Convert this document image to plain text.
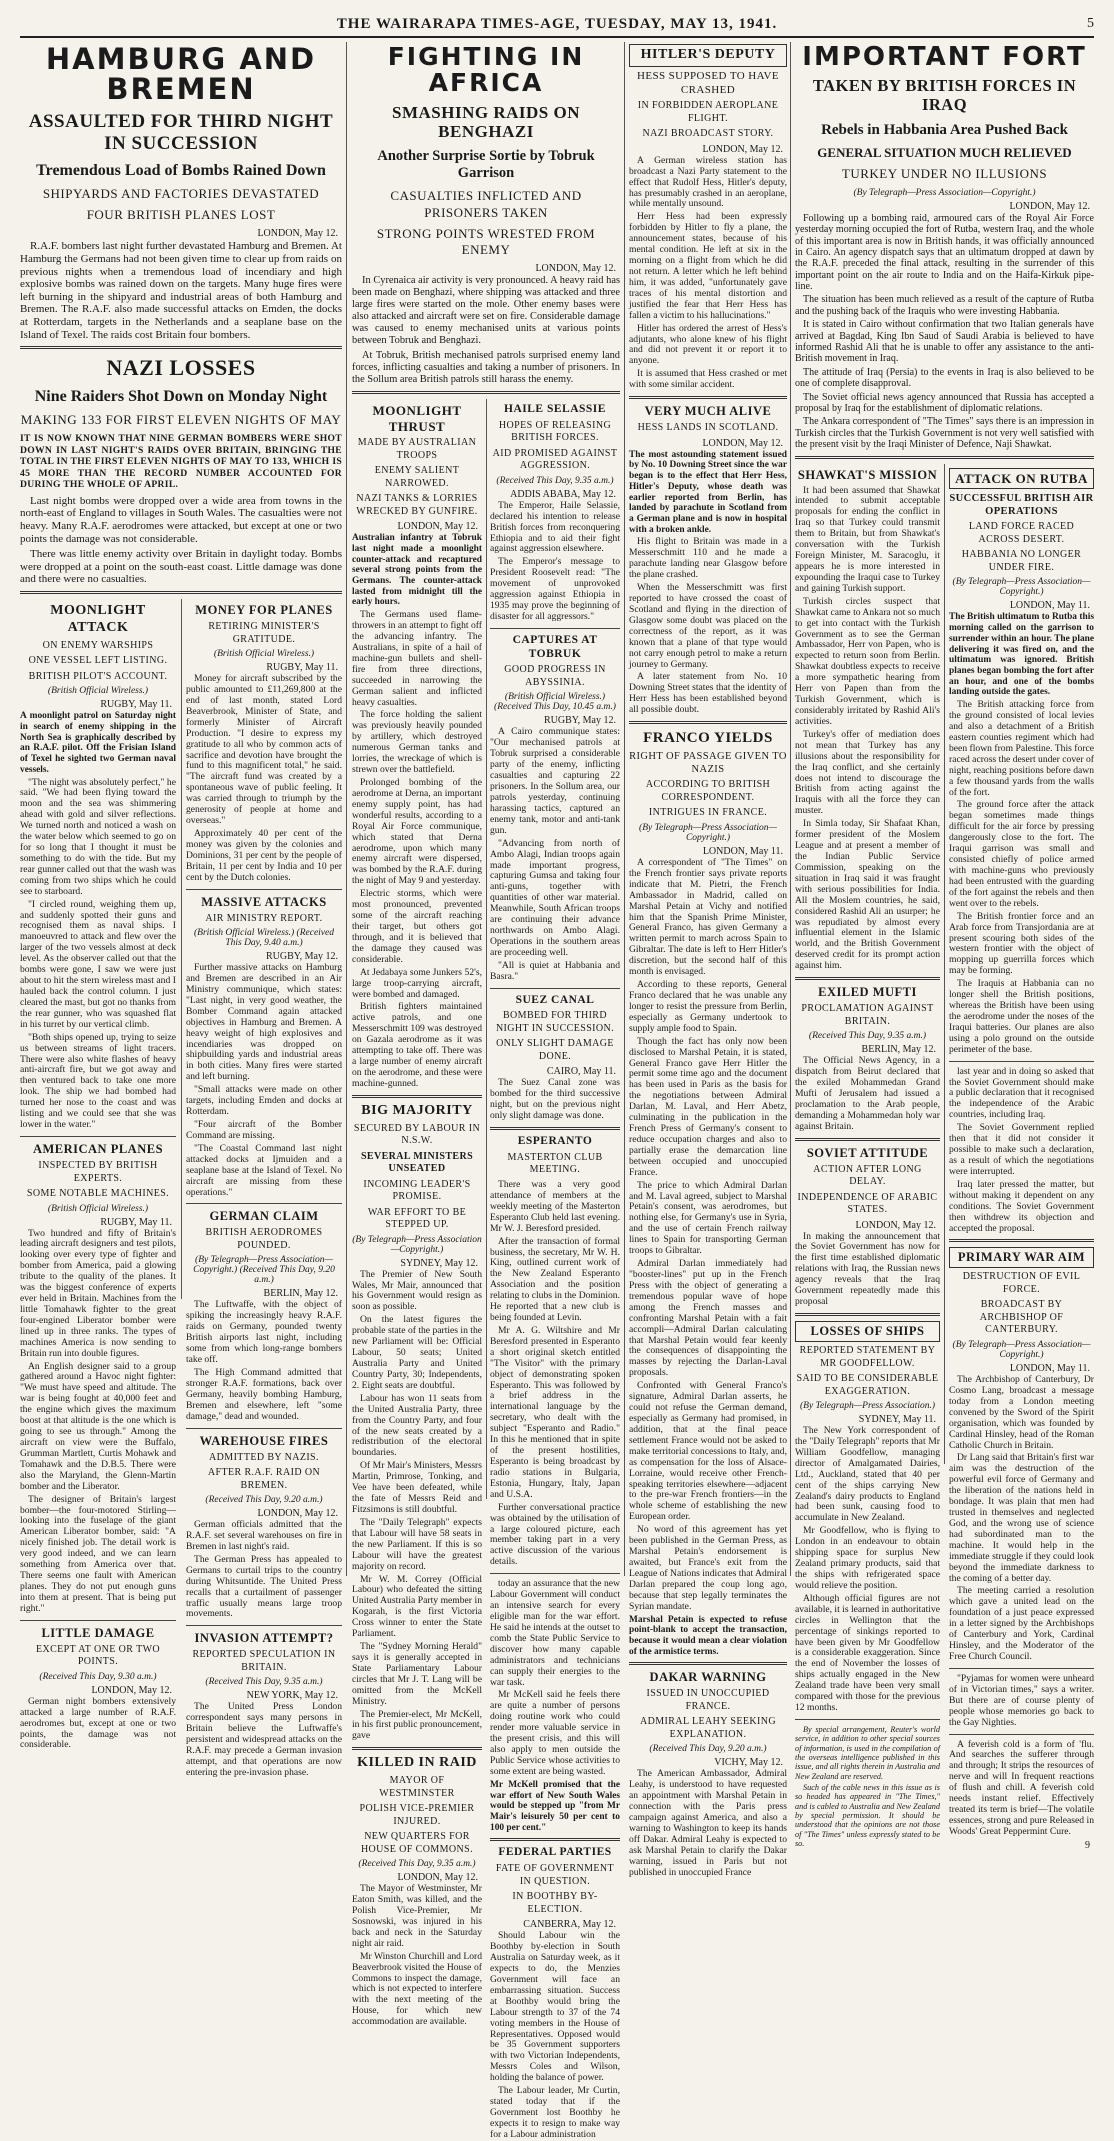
THE WAIRARAPA TIMES-AGE, TUESDAY, MAY 13, 1941.	5
HAMBURG AND BREMEN
ASSAULTED FOR THIRD NIGHT IN SUCCESSION
Tremendous Load of Bombs Rained Down
SHIPYARDS AND FACTORIES DEVASTATED
FOUR BRITISH PLANES LOST
LONDON, May 12.

R.A.F. bombers last night further devastated Hamburg and Bremen. At Hamburg the Germans had not been given time to clear up from raids on previous nights when a tremendous load of incendiary and high explosive bombs was rained down on the targets. Many huge fires were left burning in the shipyard and industrial areas of both Hamburg and Bremen. The R.A.F. also made successful attacks on Emden, the docks at Rotterdam, targets in the Netherlands and a seaplane base on the Island of Texel. The raids cost Britain four bombers.

NAZI LOSSES
Nine Raiders Shot Down on Monday Night
MAKING 133 FOR FIRST ELEVEN NIGHTS OF MAY

IT IS NOW KNOWN THAT NINE GERMAN BOMBERS WERE SHOT DOWN IN LAST NIGHT'S RAIDS OVER BRITAIN, BRINGING THE TOTAL IN THE FIRST ELEVEN NIGHTS OF MAY TO 133, WHICH IS 45 MORE THAN THE RECORD NUMBER ACCOUNTED FOR DURING THE WHOLE OF APRIL.

Last night bombs were dropped over a wide area from towns in the north-east of England to villages in South Wales. The casualties were not heavy. Many R.A.F. aerodromes were attacked, but except at one or two points the damage was not considerable.

There was little enemy activity over Britain in daylight today. Bombs were dropped at a point on the south-east coast. Little damage was done and there were no casualties.

MOONLIGHT ATTACK
ON ENEMY WARSHIPS
ONE VESSEL LEFT LISTING.
BRITISH PILOT'S ACCOUNT.
(British Official Wireless.)
RUGBY, May 11.

A moonlight patrol on Saturday night in search of enemy shipping in the North Sea is graphically described by an R.A.F. pilot. Off the Frisian Island of Texel he sighted two German naval vessels.

"The night was absolutely perfect," he said. "We had been flying toward the moon and the sea was shimmering ahead with gold and silver reflections. We turned north and noticed a wash on the water below which seemed to go on for so long that I thought it must be something to do with the tide. But my rear gunner called out that the wash was coming from two ships which he could see to starboard.

"I circled round, weighing them up, and suddenly spotted their guns and recognised them as naval ships. I manoeuvred to attack and flew over the larger of the two vessels almost at deck level. As the observer called out that the bombs were gone, I saw we were just about to hit the stern wireless mast and I hauled back the control column. I just cleared the mast, but got no thanks from the rear gunner, who was squashed flat in his turret by our vertical climb.

"Both ships opened up, trying to seize us between streams of light tracers. There were also white flashes of heavy anti-aircraft fire, but we got away and then ventured back to take one more look. The ship we had bombed had turned her nose to the coast and was listing and we could see that she was lower in the water."

AMERICAN PLANES
INSPECTED BY BRITISH EXPERTS.
SOME NOTABLE MACHINES.
(British Official Wireless.)
RUGBY, May 11.

Two hundred and fifty of Britain's leading aircraft designers and test pilots, looking over every type of fighter and bomber from America, paid a glowing tribute to the quality of the planes. It was the biggest conference of experts ever held in Britain. Machines from the little Tomahawk fighter to the great four-engined Liberator bomber were lined up in three ranks. The types of machines America is now sending to Britain run into double figures.

An English designer said to a group gathered around a Havoc night fighter: "We must have speed and altitude. The war is being fought at 40,000 feet and the engine which gives the maximum boost at that altitude is the one which is going to see us through." Among the aircraft on view were the Buffalo, Grumman Martlett, Curtis Mohawk and Tomahawk and the D.B.5. There were also the Maryland, the Glenn-Martin bomber and the Liberator.

The designer of Britain's largest bomber—the four-motored Stirling—looking into the fuselage of the giant American Liberator bomber, said: "A nicely finished job. The detail work is very good indeed, and we can learn something from America over that. There seems one fault with American planes. They do not put enough guns into them at present. That is being put right."

LITTLE DAMAGE
EXCEPT AT ONE OR TWO POINTS.
(Received This Day, 9.30 a.m.)
LONDON, May 12.

German night bombers extensively attacked a large number of R.A.F. aerodromes but, except at one or two points, the damage was not considerable.

MONEY FOR PLANES
RETIRING MINISTER'S GRATITUDE.
(British Official Wireless.)
RUGBY, May 11.

Money for aircraft subscribed by the public amounted to £11,269,800 at the end of last month, stated Lord Beaverbrook, Minister of State, and formerly Minister of Aircraft Production. "I desire to express my gratitude to all who by common acts of sacrifice and devotion have brought the fund to this magnificent total," he said. "The aircraft fund was created by a spontaneous wave of public feeling. It was carried through to triumph by the generosity of people at home and overseas."

Approximately 40 per cent of the money was given by the colonies and Dominions, 31 per cent by the people of Britain, 11 per cent by India and 10 per cent by the Dutch colonies.

MASSIVE ATTACKS
AIR MINISTRY REPORT.
(British Official Wireless.) (Received This Day, 9.40 a.m.)
RUGBY, May 12.

Further massive attacks on Hamburg and Bremen are described in an Air Ministry communique, which states: "Last night, in very good weather, the Bomber Command again attacked objectives in Hamburg and Bremen. A heavy weight of high explosives and incendiaries was dropped on shipbuilding yards and industrial areas in both cities. Many fires were started and left burning.

"Small attacks were made on other targets, including Emden and docks at Rotterdam.

"Four aircraft of the Bomber Command are missing.

"The Coastal Command last night attacked docks at Ijmuiden and a seaplane base at the Island of Texel. No aircraft are missing from these operations."

GERMAN CLAIM
BRITISH AERODROMES POUNDED.
(By Telegraph—Press Association—Copyright.) (Received This Day, 9.20 a.m.)
BERLIN, May 12.

The Luftwaffe, with the object of spiking the increasingly heavy R.A.F. raids on Germany, pounded twenty British airports last night, including some from which long-range bombers take off.

The High Command admitted that stronger R.A.F. formations, back over Germany, heavily bombing Hamburg, Bremen and elsewhere, left "some damage," dead and wounded.

WAREHOUSE FIRES
ADMITTED BY NAZIS.
AFTER R.A.F. RAID ON BREMEN.
(Received This Day, 9.20 a.m.)
LONDON, May 12.

German officials admitted that the R.A.F. set several warehouses on fire in Bremen in last night's raid.

The German Press has appealed to Germans to curtail trips to the country during Whitsuntide. The United Press recalls that a curtailment of passenger traffic usually means large troop movements.

INVASION ATTEMPT?
REPORTED SPECULATION IN BRITAIN.
(Received This Day, 9.35 a.m.)
NEW YORK, May 12.

The United Press London correspondent says many persons in Britain believe the Luftwaffe's persistent and widespread attacks on the R.A.F. may precede a German invasion attempt, and that operations are now entering the pre-invasion phase.

FIGHTING IN AFRICA
SMASHING RAIDS ON BENGHAZI
Another Surprise Sortie by Tobruk Garrison
CASUALTIES INFLICTED AND PRISONERS TAKEN
STRONG POINTS WRESTED FROM ENEMY
LONDON, May 12.

In Cyrenaica air activity is very pronounced. A heavy raid has been made on Benghazi, where shipping was attacked and three large fires were started on the mole. Other enemy bases were also attacked and aircraft were set on fire. Considerable damage was caused to enemy mechanised units at various points between Tobruk and Benghazi.

At Tobruk, British mechanised patrols surprised enemy land forces, inflicting casualties and taking a number of prisoners. In the Sollum area British patrols still harass the enemy.

MOONLIGHT THRUST
MADE BY AUSTRALIAN TROOPS
ENEMY SALIENT NARROWED.
NAZI TANKS & LORRIES WRECKED BY GUNFIRE.
LONDON, May 12.

Australian infantry at Tobruk last night made a moonlight counter-attack and recaptured several strong points from the Germans. The counter-attack lasted from midnight till the early hours.

The Germans used flame-throwers in an attempt to fight off the advancing infantry. The Australians, in spite of a hail of machine-gun bullets and shell-fire from three directions, succeeded in narrowing the German salient and inflicted heavy casualties.

The force holding the salient was previously heavily pounded by artillery, which destroyed numerous German tanks and lorries, the wreckage of which is strewn over the battlefield.

Prolonged bombing of the aerodrome at Derna, an important enemy supply point, has had wonderful results, according to a Royal Air Force communique, which stated that Derna aerodrome, upon which many enemy aircraft were dispersed, was bombed by the R.A.F. during the night of May 9 and yesterday.

Electric storms, which were most pronounced, prevented some of the aircraft reaching their target, but others got through, and it is believed that the damage they caused was considerable.

At Jedabaya some Junkers 52's, large troop-carrying aircraft, were bombed and damaged.

British fighters maintained active patrols, and one Messerschmitt 109 was destroyed on Gazala aerodrome as it was attempting to take off. There was a large number of enemy aircraft on the aerodrome, and these were machine-gunned.

BIG MAJORITY
SECURED BY LABOUR IN N.S.W.
SEVERAL MINISTERS UNSEATED
INCOMING LEADER'S PROMISE.
WAR EFFORT TO BE STEPPED UP.
(By Telegraph—Press Association—Copyright.)
SYDNEY, May 12.

The Premier of New South Wales, Mr Mair, announced that his Government would resign as soon as possible.

On the latest figures the probable state of the parties in the new Parliament will be: Official Labour, 50 seats; United Australia Party and United Country Party, 30; Independents, 2. Eight seats are doubtful.

Labour has won 11 seats from the United Australia Party, three from the Country Party, and four of the new seats created by a redistribution of the electoral boundaries.

Of Mr Mair's Ministers, Messrs Martin, Primrose, Tonking, and Vee have been defeated, while the fate of Messrs Reid and Fitzsimons is still doubtful.

The "Daily Telegraph" expects that Labour will have 58 seats in the new Parliament. If this is so Labour will have the greatest majority on record.

Mr W. M. Correy (Official Labour) who defeated the sitting United Australia Party member in Kogarah, is the first Victoria Cross winner to enter the State Parliament.

The "Sydney Morning Herald" says it is generally accepted in State Parliamentary Labour circles that Mr J. T. Lang will be omitted from the McKell Ministry.

The Premier-elect, Mr McKell, in his first public pronouncement, gave

KILLED IN RAID
MAYOR OF WESTMINSTER
POLISH VICE-PREMIER INJURED.
NEW QUARTERS FOR HOUSE OF COMMONS.
(Received This Day, 9.35 a.m.)
LONDON, May 12.

The Mayor of Westminster, Mr Eaton Smith, was killed, and the Polish Vice-Premier, Mr Sosnowski, was injured in his back and neck in the Saturday night air raid.

Mr Winston Churchill and Lord Beaverbrook visited the House of Commons to inspect the damage, which is not expected to interfere with the next meeting of the House, for which new accommodation are available.

HAILE SELASSIE
HOPES OF RELEASING BRITISH FORCES.
AID PROMISED AGAINST AGGRESSION.
(Received This Day, 9.35 a.m.)
ADDIS ABABA, May 12.

The Emperor, Haile Selassie, declared his intention to release British forces from reconquering Ethiopia and to aid their fight against aggression elsewhere.

The Emperor's message to President Roosevelt read: "The movement of unprovoked aggression against Ethiopia in 1935 may prove the beginning of disaster for all aggressors."

CAPTURES AT TOBRUK
GOOD PROGRESS IN ABYSSINIA.
(British Official Wireless.) (Received This Day, 10.45 a.m.)
RUGBY, May 12.

A Cairo communique states: "Our mechanised patrols at Tobruk surprised a considerable party of the enemy, inflicting casualties and capturing 22 prisoners. In the Sollum area, our patrols yesterday, continuing harassing tactics, captured an enemy tank, motor and anti-tank gun.

"Advancing from north of Ambo Alagi, Indian troops again made important progress, capturing Gumsa and taking four anti-guns, together with quantities of other war material. Meanwhile, South African troops are continuing their advance northwards on Ambo Alagi. Operations in the southern areas are proceeding well.

"All is quiet at Habbania and Basra."

SUEZ CANAL
BOMBED FOR THIRD NIGHT IN SUCCESSION.
ONLY SLIGHT DAMAGE DONE.
CAIRO, May 11.

The Suez Canal zone was bombed for the third successive night, but on the previous night only slight damage was done.

ESPERANTO
MASTERTON CLUB MEETING.

There was a very good attendance of members at the weekly meeting of the Masterton Esperanto Club held last evening. Mr W. J. Beresford presided.

After the transaction of formal business, the secretary, Mr W. H. King, outlined current work of the New Zealand Esperanto Association and the position relating to clubs in the Dominion. He reported that a new club is being founded at Levin.

Mr A. G. Wiltshire and Mr Beresford presented in Esperanto a short original sketch entitled "The Visitor" with the primary object of demonstrating spoken Esperanto. This was followed by a brief address in the international language by the secretary, who dealt with the subject "Esperanto and Radio." In this he mentioned that in spite of the present hostilities, Esperanto is being broadcast by radio stations in Bulgaria, Estonia, Hungary, Italy, Japan and U.S.A.

Further conversational practice was obtained by the utilisation of a large coloured picture, each member taking part in a very active discussion of the various details.

today an assurance that the new Labour Government will conduct an intensive search for every eligible man for the war effort. He said he intends at the outset to comb the State Public Service to discover how many capable administrators and technicians can supply their energies to the war task.

Mr McKell said he feels there are quite a number of persons doing routine work who could render more valuable service in the present crisis, and this will also apply to men outside the Public Service whose activities to some extent are being wasted.

Mr McKell promised that the war effort of New South Wales would be stepped up "from Mr Mair's leisurely 50 per cent to 100 per cent."

FEDERAL PARTIES
FATE OF GOVERNMENT IN QUESTION.
IN BOOTHBY BY-ELECTION.
CANBERRA, May 12.

Should Labour win the Boothby by-election in South Australia on Saturday week, as it expects to do, the Menzies Government will face an embarrassing situation. Success at Boothby would bring the Labour strength to 37 of the 74 voting members in the House of Representatives. Opposed would be 35 Government supporters with two Victorian Independents, Messrs Coles and Wilson, holding the balance of power.

The Labour leader, Mr Curtin, stated today that if the Government lost Boothby he expects it to resign to make way for a Labour administration

HITLER'S DEPUTY
HESS SUPPOSED TO HAVE CRASHED
IN FORBIDDEN AEROPLANE FLIGHT.
NAZI BROADCAST STORY.
LONDON, May 12.

A German wireless station has broadcast a Nazi Party statement to the effect that Rudolf Hess, Hitler's deputy, has presumably crashed in an aeroplane, while mentally unsound.

Herr Hess had been expressly forbidden by Hitler to fly a plane, the announcement states, because of his mental condition. He left at six in the morning on a flight from which he did not return. A letter which he left behind him, it was added, "unfortunately gave traces of his mental distortion and justified the fear that Herr Hess has fallen a victim to his hallucinations."

Hitler has ordered the arrest of Hess's adjutants, who alone knew of his flight and did not prevent it or report it to anyone.

It is assumed that Hess crashed or met with some similar accident.

VERY MUCH ALIVE
HESS LANDS IN SCOTLAND.
LONDON, May 12.

The most astounding statement issued by No. 10 Downing Street since the war began is to the effect that Herr Hess, Hitler's Deputy, whose death was earlier reported from Berlin, has landed by parachute in Scotland from a German plane and is now in hospital with a broken ankle.

His flight to Britain was made in a Messerschmitt 110 and he made a parachute landing near Glasgow before the plane crashed.

When the Messerschmitt was first reported to have crossed the coast of Scotland and flying in the direction of Glasgow some doubt was placed on the correctness of the report, as it was known that a plane of that type would not carry enough petrol to make a return journey to Germany.

A later statement from No. 10 Downing Street states that the identity of Herr Hess has been established beyond all possible doubt.

FRANCO YIELDS
RIGHT OF PASSAGE GIVEN TO NAZIS
ACCORDING TO BRITISH CORRESPONDENT.
INTRIGUES IN FRANCE.
(By Telegraph—Press Association—Copyright.)
LONDON, May 11.

A correspondent of "The Times" on the French frontier says private reports indicate that M. Pietri, the French Ambassador in Madrid, called on Marshal Petain at Vichy and notified him that the Spanish Prime Minister, General Franco, has given Germany a written permit to march across Spain to Gibraltar. The date is left to Herr Hitler's discretion, but the second half of this month is envisaged.

According to these reports, General Franco declared that he was unable any longer to resist the pressure from Berlin, especially as Germany undertook to supply ample food to Spain.

Though the fact has only now been disclosed to Marshal Petain, it is stated, General Franco gave Herr Hitler the permit some time ago and the document has been used in Paris as the basis for the negotiations between Admiral Darlan, M. Laval, and Herr Abetz, culminating in the publication in the French Press of Germany's consent to reduce occupation charges and also to partially erase the demarcation line between occupied and unoccupied France.

The price to which Admiral Darlan and M. Laval agreed, subject to Marshal Petain's consent, was aerodromes, but nothing else, for Germany's use in Syria, and the use of certain French railway lines to Spain for transporting German troops to Gibraltar.

Admiral Darlan immediately had "booster-lines" put up in the French Press with the object of generating a tremendous popular wave of hope among the French masses and confronting Marshal Petain with a fait accompli—Admiral Darlan calculating that Marshal Petain would fear keenly the consequences of disappointing the masses by rejecting the Darlan-Laval proposals.

Confronted with General Franco's signature, Admiral Darlan asserts, he could not refuse the German demand, especially as Germany had promised, in addition, that at the final peace settlement France would not be asked to make territorial concessions to Italy, and, as compensation for the loss of Alsace-Lorraine, would receive other French-speaking territories elsewhere—adjacent to the pre-war French frontiers—in the whole scheme of establishing the new European order.

No word of this agreement has yet been published in the German Press, as Marshal Petain's endorsement is awaited, but France's exit from the League of Nations indicates that Admiral Darlan prepared the coup long ago, because that step legally terminates the Syrian mandate.

Marshal Petain is expected to refuse point-blank to accept the transaction, because it would mean a clear violation of the armistice terms.

DAKAR WARNING
ISSUED IN UNOCCUPIED FRANCE.
ADMIRAL LEAHY SEEKING EXPLANATION.
(Received This Day, 9.20 a.m.)
VICHY, May 12.

The American Ambassador, Admiral Leahy, is understood to have requested an appointment with Marshal Petain in connection with the Paris press campaign against America, and also a warning to Washington to keep its hands off Dakar. Admiral Leahy is expected to ask Marshal Petain to clarify the Dakar warning, issued in Paris but not published in unoccupied France

IMPORTANT FORT
TAKEN BY BRITISH FORCES IN IRAQ
Rebels in Habbania Area Pushed Back
GENERAL SITUATION MUCH RELIEVED
TURKEY UNDER NO ILLUSIONS
(By Telegraph—Press Association—Copyright.)
LONDON, May 12.

Following up a bombing raid, armoured cars of the Royal Air Force yesterday morning occupied the fort of Rutba, western Iraq, and the whole of this important area is now in British hands, it was officially announced in Cairo. An agency dispatch says that an ultimatum dropped at dawn by the R.A.F. preceded the final attack, resulting in the surrender of this important point on the air route to India and on the Haifa-Kirkuk pipe-line.

The situation has been much relieved as a result of the capture of Rutba and the pushing back of the Iraquis who were investing Habbania.

It is stated in Cairo without confirmation that two Italian generals have arrived at Bagdad, King Ibn Saud of Saudi Arabia is believed to have informed Rashid Ali that he is unable to offer any assistance to the anti-British movement in Iraq.

The attitude of Iraq (Persia) to the events in Iraq is also believed to be one of complete disapproval.

The Soviet official news agency announced that Russia has accepted a proposal by Iraq for the establishment of diplomatic relations.

The Ankara correspondent of "The Times" says there is an impression in Turkish circles that the Turkish Government is not very well satisfied with the present visit by the Iraqi Minister of Defence, Naji Shawkat.

SHAWKAT'S MISSION

It had been assumed that Shawkat intended to submit acceptable proposals for ending the conflict in Iraq so that Turkey could transmit them to Britain, but from Shawkat's conversation with the Turkish Foreign Minister, M. Saracoglu, it appears he is more interested in expounding the Iraqui case to Turkey and gaining Turkish support.

Turkish circles suspect that Shawkat came to Ankara not so much to get into contact with the Turkish Government as to see the German Ambassador, Herr von Papen, who is expected to return soon from Berlin. Shawkat doubtless expects to receive a more sympathetic hearing from Herr von Papen than from the Turkish Government, which is considerably irritated by Rashid Ali's activities.

Turkey's offer of mediation does not mean that Turkey has any illusions about the responsibility for the Iraq conflict, and she certainly does not intend to discourage the British from acting against the Iraquis with all the force they can muster.

In Simla today, Sir Shafaat Khan, former president of the Moslem League and at present a member of the Indian Public Service Commission, speaking on the situation in Iraq said it was fraught with serious possibilities for India. All the Moslem countries, he said, considered Rashid Ali an usurper; he was repudiated by almost every influential element in the Islamic world, and the British Government deserved credit for its prompt action against him.

EXILED MUFTI
PROCLAMATION AGAINST BRITAIN.
(Received This Day, 9.35 a.m.)
BERLIN, May 12.

The Official News Agency, in a dispatch from Beirut declared that the exiled Mohammedan Grand Mufti of Jerusalem had issued a proclamation to the Arab people, demanding a Mohammedan holy war against Britain.

SOVIET ATTITUDE
ACTION AFTER LONG DELAY.
INDEPENDENCE OF ARABIC STATES.
LONDON, May 12.

In making the announcement that the Soviet Government has now for the first time established diplomatic relations with Iraq, the Russian news agency reveals that the Iraq Government repeatedly made this proposal

LOSSES OF SHIPS
REPORTED STATEMENT BY MR GOODFELLOW.
SAID TO BE CONSIDERABLE EXAGGERATION.
(By Telegraph—Press Association.)
SYDNEY, May 11.

The New York correspondent of the "Daily Telegraph" reports that Mr William Goodfellow, managing director of Amalgamated Dairies, Ltd., Auckland, stated that 40 per cent of the ships carrying New Zealand's dairy products to England had been sunk, causing food to accumulate in New Zealand.

Mr Goodfellow, who is flying to London in an endeavour to obtain shipping space for surplus New Zealand primary products, said that the ships with refrigerated space would relieve the position.

Although official figures are not available, it is learned in authoritative circles in Wellington that the percentage of sinkings reported to have been given by Mr Goodfellow is a considerable exaggeration. Since the end of November the losses of ships actually engaged in the New Zealand trade have been very small compared with those for the previous 12 months.

By special arrangement, Reuter's world service, in addition to other special sources of information, is used in the compilation of the overseas intelligence published in this issue, and all rights therein in Australia and New Zealand are reserved.

Such of the cable news in this issue as is so headed has appeared in "The Times," and is cabled to Australia and New Zealand by special permission. It should be understood that the opinions are not those of "The Times" unless expressly stated to be so.

ATTACK ON RUTBA
SUCCESSFUL BRITISH AIR OPERATIONS
LAND FORCE RACED ACROSS DESERT.
HABBANIA NO LONGER UNDER FIRE.
(By Telegraph—Press Association—Copyright.)
LONDON, May 11.

The British ultimatum to Rutba this morning called on the garrison to surrender within an hour. The plane delivering it was fired on, and the ultimatum was ignored. British planes began bombing the fort after an hour, and one of the bombs landing outside the gates.

The British attacking force from the ground consisted of local levies and also a detachment of a British eastern counties regiment which had been flown from Palestine. This force raced across the desert under cover of night, reaching positions before dawn a few thousand yards from the walls of the fort.

The ground force after the attack began sometimes made things difficult for the air force by pressing dangerously close to the fort. The Iraqui garrison was small and consisted chiefly of police armed with machine-guns who previously had been entrusted with the guarding of the fort against the rebels and then went over to the rebels.

The British frontier force and an Arab force from Transjordania are at present scouring both sides of the western frontier with the object of mopping up guerrilla forces which may be forming.

The Iraquis at Habbania can no longer shell the British positions, whereas the British have been using the aerodrome under the noses of the Iraqui batteries. Our planes are also using a polo ground on the outside perimeter of the base.

last year and in doing so asked that the Soviet Government should make a public declaration that it recognised the independence of the Arabic countries, including Iraq.

The Soviet Government replied then that it did not consider it possible to make such a declaration, as a result of which the negotiations were interrupted.

Iraq later pressed the matter, but without making it dependent on any conditions. The Soviet Government then withdrew its objection and accepted the proposal.

PRIMARY WAR AIM
DESTRUCTION OF EVIL FORCE.
BROADCAST BY ARCHBISHOP OF CANTERBURY.
(By Telegraph—Press Association—Copyright.)
LONDON, May 11.

The Archbishop of Canterbury, Dr Cosmo Lang, broadcast a message today from a London meeting convened by the Sword of the Spirit organisation, which was founded by Cardinal Hinsley, head of the Roman Catholic Church in Britain.

Dr Lang said that Britain's first war aim was the destruction of the powerful evil force of Germany and the liberation of the nations held in bondage. It was plain that men had trusted in themselves and neglected God, and the wrong use of science had subordinated man to the machine. It would help in the immediate struggle if they could look beyond the immediate darkness to the coming of a better day.

The meeting carried a resolution which gave a united lead on the foundation of a just peace expressed in a letter signed by the Archbishops of Canterbury and York, Cardinal Hinsley, and the Moderator of the Free Church Council.

"Pyjamas for women were unheard of in Victorian times," says a writer. But there are of course plenty of people whose memories go back to the Gay Nighties.

A feverish cold is a form of 'flu. And searches the sufferer through and through; It strips the resources of nerve and will In frequent reactions of flush and chill. A feverish cold needs instant relief. Effectively treated its term is brief—The volatile essences, strong and pure Released in Woods' Great Peppermint Cure.

9
